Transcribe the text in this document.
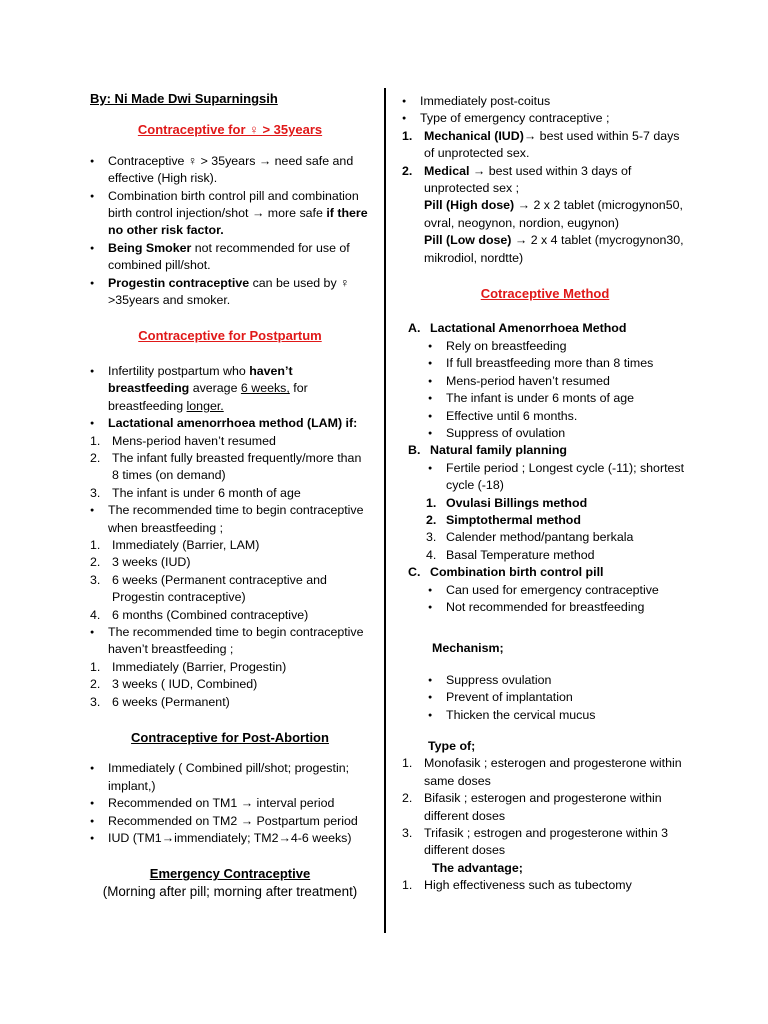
By: Ni Made Dwi Suparningsih
Contraceptive for ♀ > 35years
● Contraceptive ♀ > 35years → need safe and effective (High risk).
● Combination birth control pill and combination birth control injection/shot → more safe if there no other risk factor.
● Being Smoker not recommended for use of combined pill/shot.
● Progestin contraceptive can be used by ♀ >35years and smoker.
Contraceptive for Postpartum
● Infertility postpartum who haven’t breastfeeding average 6 weeks, for breastfeeding longer.
● Lactational amenorrhoea method (LAM) if:
1. Mens-period haven’t resumed
2. The infant fully breasted frequently/more than 8 times (on demand)
3. The infant is under 6 month of age
● The recommended time to begin contraceptive when breastfeeding ;
1. Immediately (Barrier, LAM)
2. 3 weeks (IUD)
3. 6 weeks (Permanent contraceptive and Progestin contraceptive)
4. 6 months (Combined contraceptive)
● The recommended time to begin contraceptive haven’t breastfeeding ;
1. Immediately (Barrier, Progestin)
2. 3 weeks ( IUD, Combined)
3. 6 weeks (Permanent)
Contraceptive for Post-Abortion
● Immediately ( Combined pill/shot; progestin; implant,)
● Recommended on TM1 → interval period
● Recommended on TM2 → Postpartum period
● IUD (TM1→immendiately; TM2→4-6 weeks)
Emergency Contraceptive
(Morning after pill; morning after treatment)
● Immediately post-coitus
● Type of emergency contraceptive ;
1. Mechanical (IUD)→ best used within 5-7 days of unprotected sex.
2. Medical → best used within 3 days of unprotected sex ;
Pill (High dose) → 2 x 2 tablet (microgynon50, ovral, neogynon, nordion, eugynon)
Pill (Low dose) → 2 x 4 tablet (mycrogynon30, mikrodiol, nordtte)
Cotraceptive Method
A. Lactational Amenorrhoea Method
● Rely on breastfeeding
● If full breastfeeding more than 8 times
● Mens-period haven’t resumed
● The infant is under 6 monts of age
● Effective until 6 months.
● Suppress of ovulation
B. Natural family planning
● Fertile period ; Longest cycle (-11); shortest cycle (-18)
1. Ovulasi Billings method
2. Simptothermal method
3. Calender method/pantang berkala
4. Basal Temperature method
C. Combination birth control pill
● Can used for emergency contraceptive
● Not recommended for breastfeeding
Mechanism;
● Suppress ovulation
● Prevent of implantation
● Thicken the cervical mucus
Type of;
1. Monofasik ; esterogen and progesterone within same doses
2. Bifasik ; esterogen and progesterone within different doses
3. Trifasik ; estrogen and progesterone within 3 different doses
The advantage;
1. High effectiveness such as tubectomy
